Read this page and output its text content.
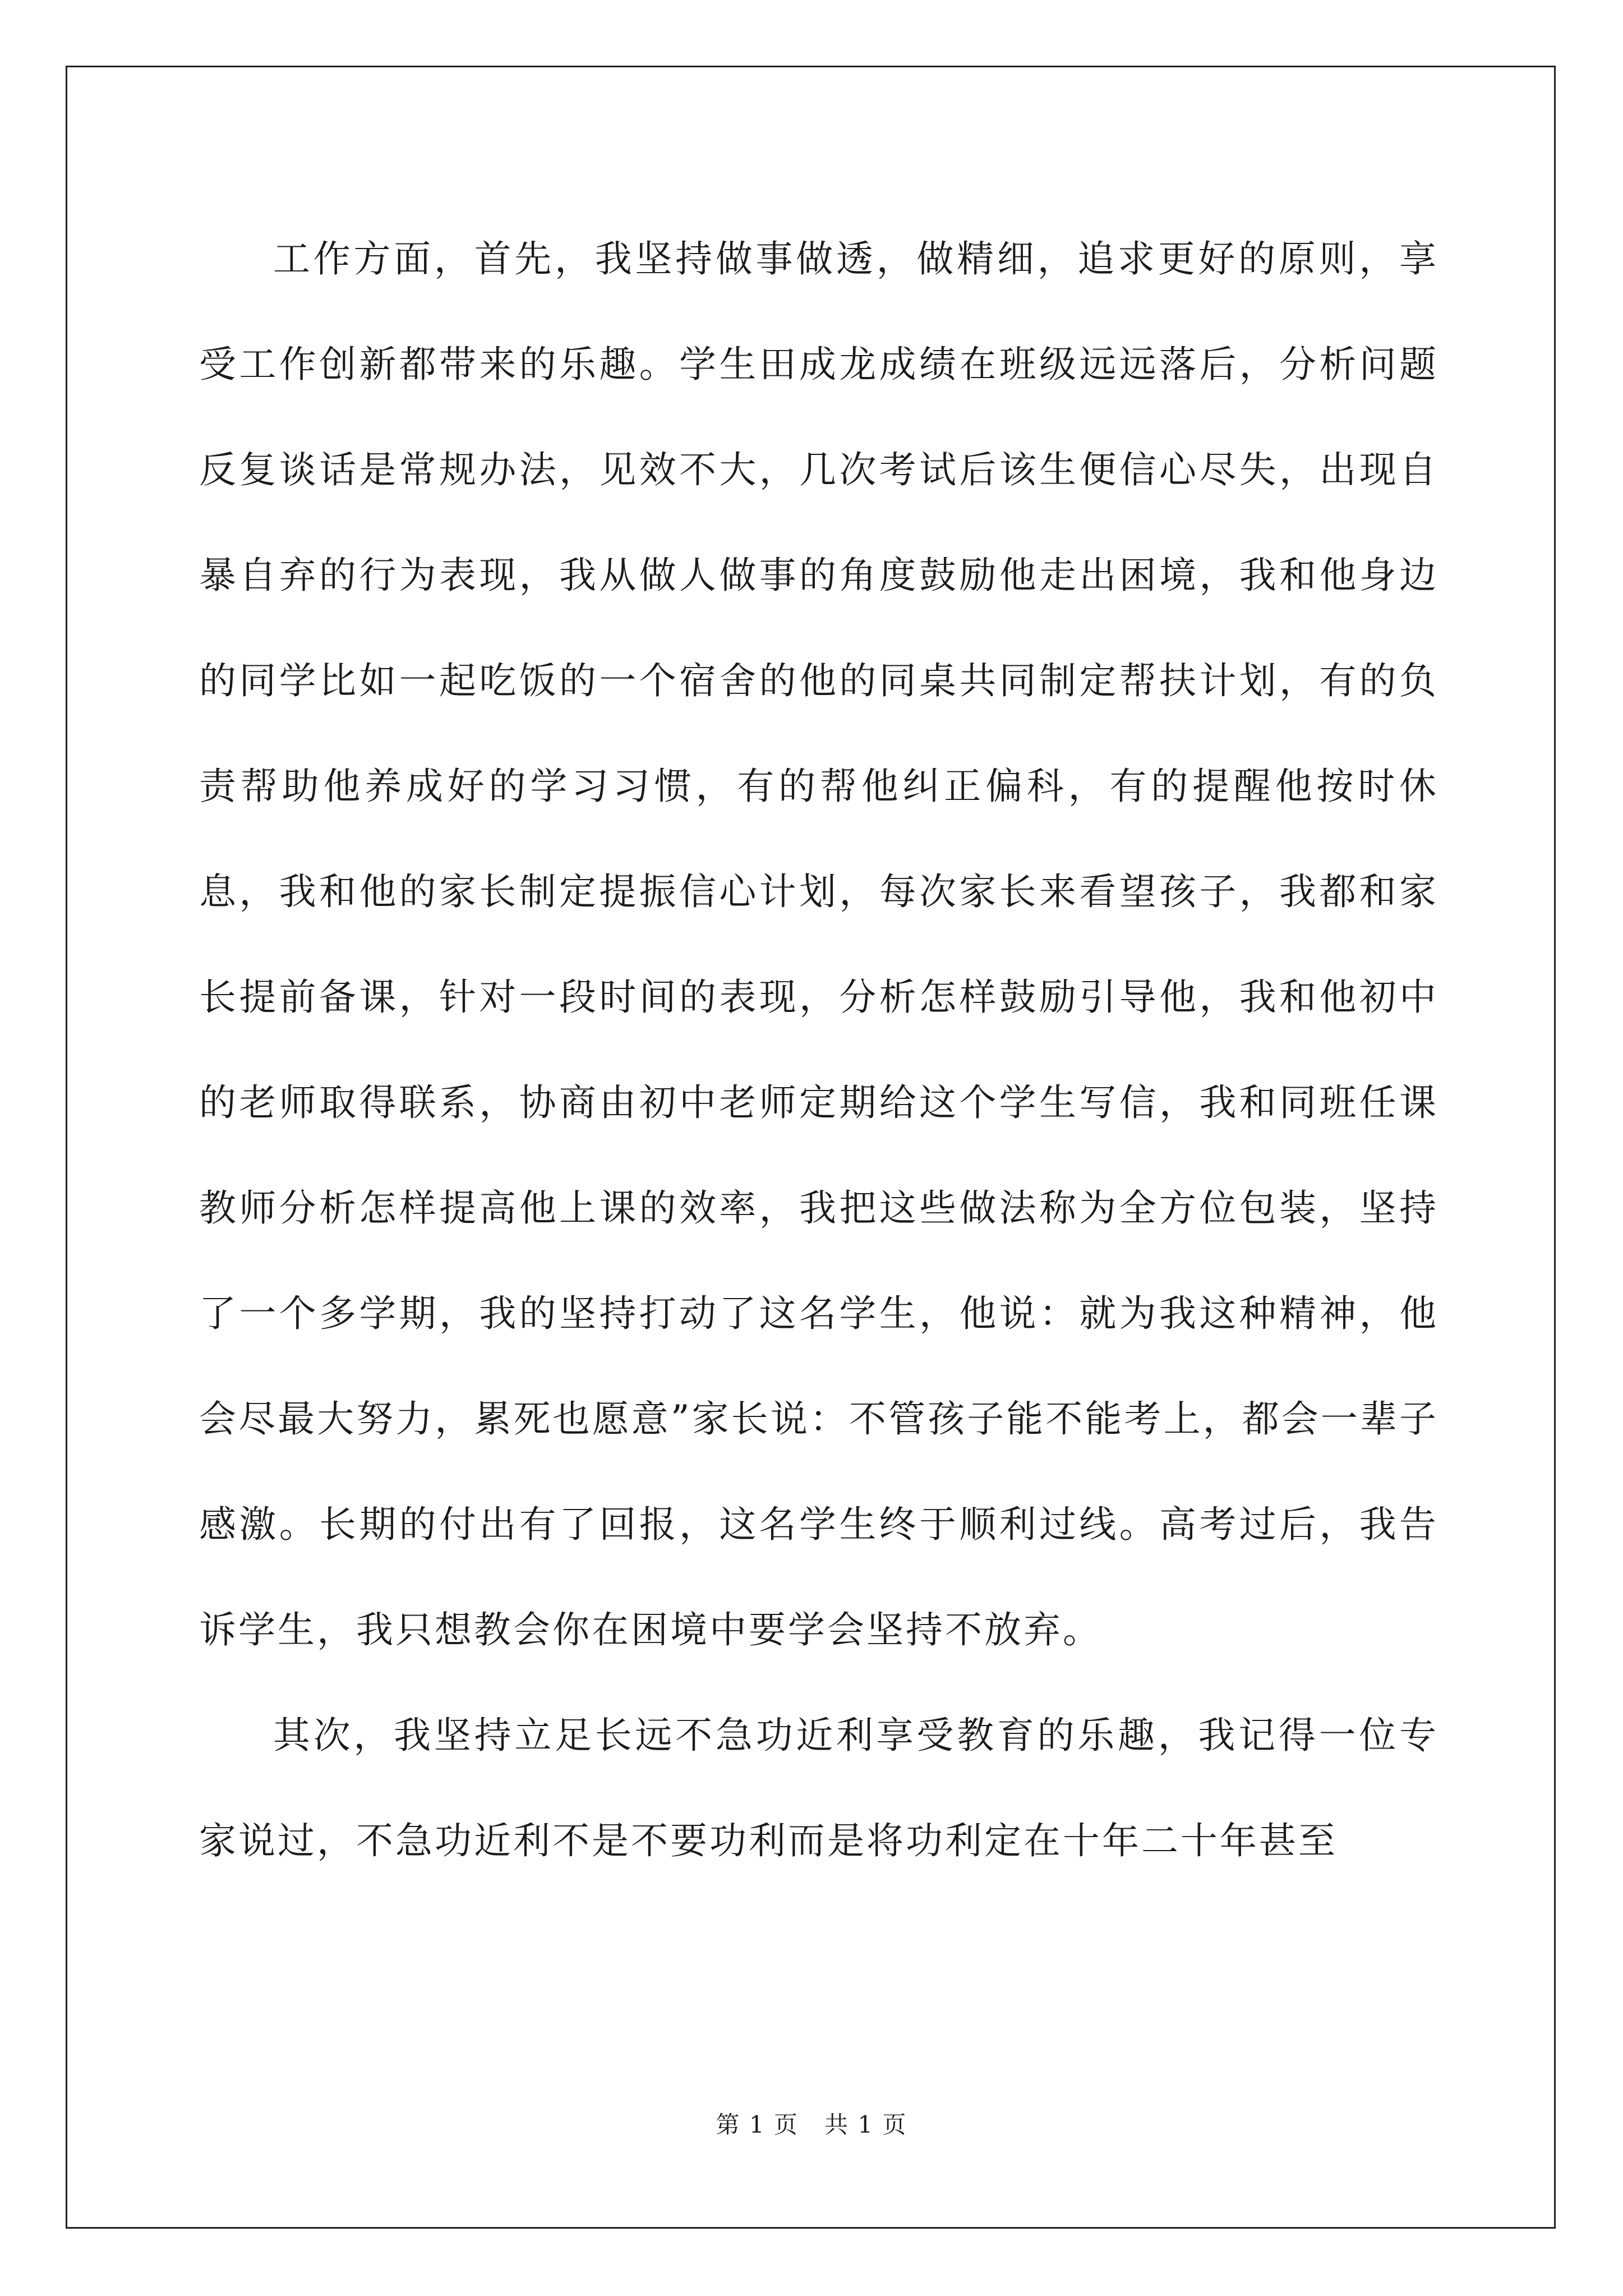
工作方面，首先，我坚持做事做透，做精细，追求更好的原则，享受工作创新都带来的乐趣。学生田成龙成绩在班级远远落后，分析问题反复谈话是常规办法，见效不大，几次考试后该生便信心尽失，出现自暴自弃的行为表现，我从做人做事的角度鼓励他走出困境，我和他身边的同学比如一起吃饭的一个宿舍的他的同桌共同制定帮扶计划，有的负责帮助他养成好的学习习惯，有的帮他纠正偏科，有的提醒他按时休息，我和他的家长制定提振信心计划，每次家长来看望孩子，我都和家长提前备课，针对一段时间的表现，分析怎样鼓励引导他，我和他初中的老师取得联系，协商由初中老师定期给这个学生写信，我和同班任课教师分析怎样提高他上课的效率，我把这些做法称为全方位包装，坚持了一个多学期，我的坚持打动了这名学生，他说：就为我这种精神，他会尽最大努力，累死也愿意”家长说：不管孩子能不能考上，都会一辈子感激。长期的付出有了回报，这名学生终于顺利过线。高考过后，我告诉学生，我只想教会你在困境中要学会坚持不放弃。

其次，我坚持立足长远不急功近利享受教育的乐趣，我记得一位专家说过，不急功近利不是不要功利而是将功利定在十年二十年甚至

第 1 页 共 1 页
